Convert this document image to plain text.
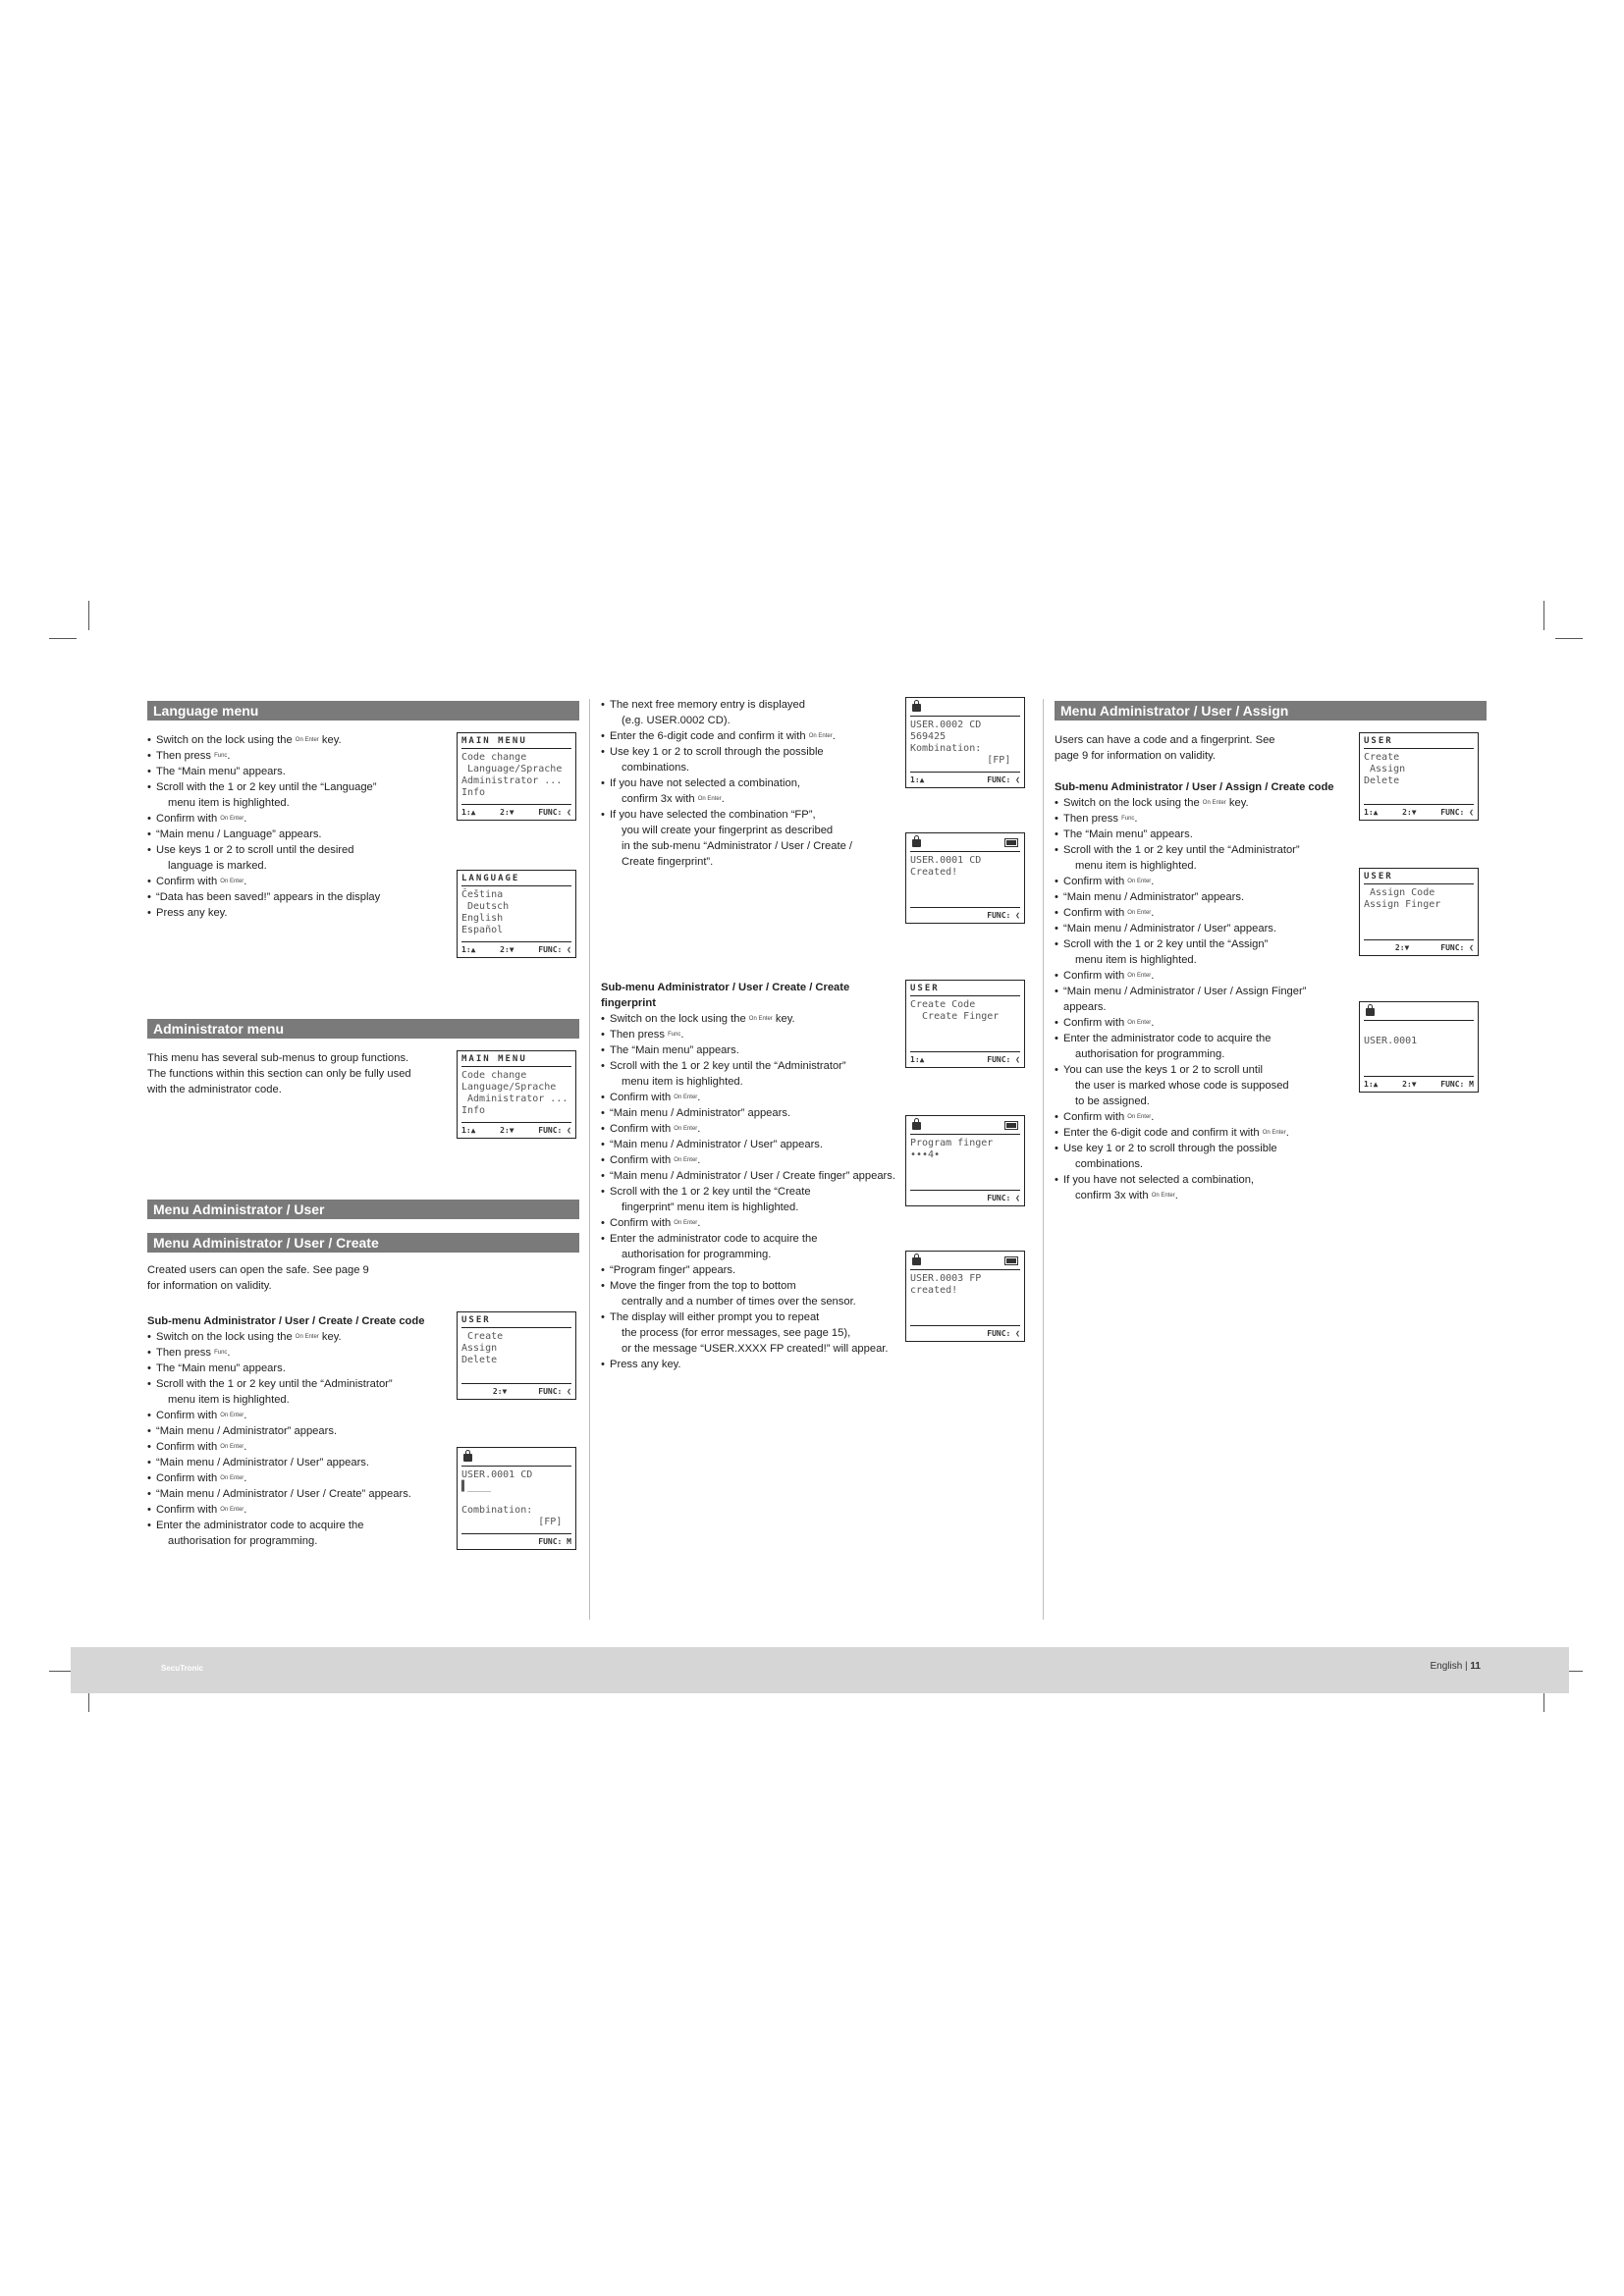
Language menu
• Switch on the lock using the On Enter key.
• Then press Func.
• The “Main menu” appears.
• Scroll with the 1 or 2 key until the “Language”
menu item is highlighted.
• Confirm with On Enter.
• “Main menu / Language” appears.
• Use keys 1 or 2 to scroll until the desired
language is marked.
• Confirm with On Enter.
• “Data has been saved!” appears in the display
• Press any key.
Administrator menu
This menu has several sub-menus to group functions. The functions within this section can only be fully used with the administrator code.
Menu Administrator / User
Menu Administrator / User / Create
Created users can open the safe. See page 9 for information on validity.
Sub-menu Administrator / User / Create / Create code
• Switch on the lock using the On Enter key.
• Then press Func.
• The “Main menu” appears.
• Scroll with the 1 or 2 key until the “Administrator”
menu item is highlighted.
• Confirm with On Enter.
• “Main menu / Administrator” appears.
• Confirm with On Enter.
• “Main menu / Administrator / User” appears.
• Confirm with On Enter.
• “Main menu / Administrator / User / Create” appears.
• Confirm with On Enter.
• Enter the administrator code to acquire the
authorisation for programming.
MAIN MENU
Code change
Language/Sprache
Administrator ...
Info
1:▲	2:▼	FUNC: ❮
LANGUAGE
Čeština
Deutsch
English
Español
1:▲	2:▼	FUNC: ❮
MAIN MENU
Code change
Language/Sprache
Administrator ...
Info
1:▲	2:▼	FUNC: ❮
USER
Create
Assign
Delete
2:▼	FUNC: ❮
USER.0001 CD
▌____

Combination:
[FP]
FUNC: M
• The next free memory entry is displayed
(e.g. USER.0002 CD).
• Enter the 6-digit code and confirm it with On Enter.
• Use key 1 or 2 to scroll through the possible
combinations.
• If you have not selected a combination,
confirm 3x with On Enter.
• If you have selected the combination “FP”,
you will create your fingerprint as described
in the sub-menu “Administrator / User / Create /
Create fingerprint”.
Sub-menu Administrator / User / Create / Create fingerprint
• Switch on the lock using the On Enter key.
• Then press Func.
• The “Main menu” appears.
• Scroll with the 1 or 2 key until the “Administrator”
menu item is highlighted.
• Confirm with On Enter.
• “Main menu / Administrator” appears.
• Confirm with On Enter.
• “Main menu / Administrator / User” appears.
• Confirm with On Enter.
• “Main menu / Administrator / User / Create finger” appears.
• Scroll with the 1 or 2 key until the “Create
fingerprint” menu item is highlighted.
• Confirm with On Enter.
• Enter the administrator code to acquire the
authorisation for programming.
• “Program finger” appears.
• Move the finger from the top to bottom
centrally and a number of times over the sensor.
• The display will either prompt you to repeat
the process (for error messages, see page 15),
or the message “USER.XXXX FP created!” will appear.
• Press any key.
USER.0002 CD
569425
Kombination:
[FP]
1:▲	FUNC: ❮
USER.0001 CD
Created!
FUNC: ❮
USER
Create Code
Create Finger
1:▲	FUNC: ❮
Program finger
•••4•
FUNC: ❮
USER.0003 FP
created!
FUNC: ❮
Menu Administrator / User / Assign
Users can have a code and a fingerprint. See page 9 for information on validity.
Sub-menu Administrator / User / Assign / Create code
• Switch on the lock using the On Enter key.
• Then press Func.
• The “Main menu” appears.
• Scroll with the 1 or 2 key until the “Administrator”
menu item is highlighted.
• Confirm with On Enter.
• “Main menu / Administrator” appears.
• Confirm with On Enter.
• “Main menu / Administrator / User” appears.
• Scroll with the 1 or 2 key until the “Assign”
menu item is highlighted.
• Confirm with On Enter.
• “Main menu / Administrator / User / Assign Finger” appears.
• Confirm with On Enter.
• Enter the administrator code to acquire the
authorisation for programming.
• You can use the keys 1 or 2 to scroll until
the user is marked whose code is supposed
to be assigned.
• Confirm with On Enter.
• Enter the 6-digit code and confirm it with On Enter.
• Use key 1 or 2 to scroll through the possible
combinations.
• If you have not selected a combination,
confirm 3x with On Enter.
USER
Create
Assign
Delete
1:▲	2:▼	FUNC: ❮
USER
Assign Code
Assign Finger
2:▼	FUNC: ❮

USER.0001
1:▲	2:▼	FUNC: M
SecuTronic	English | 11
